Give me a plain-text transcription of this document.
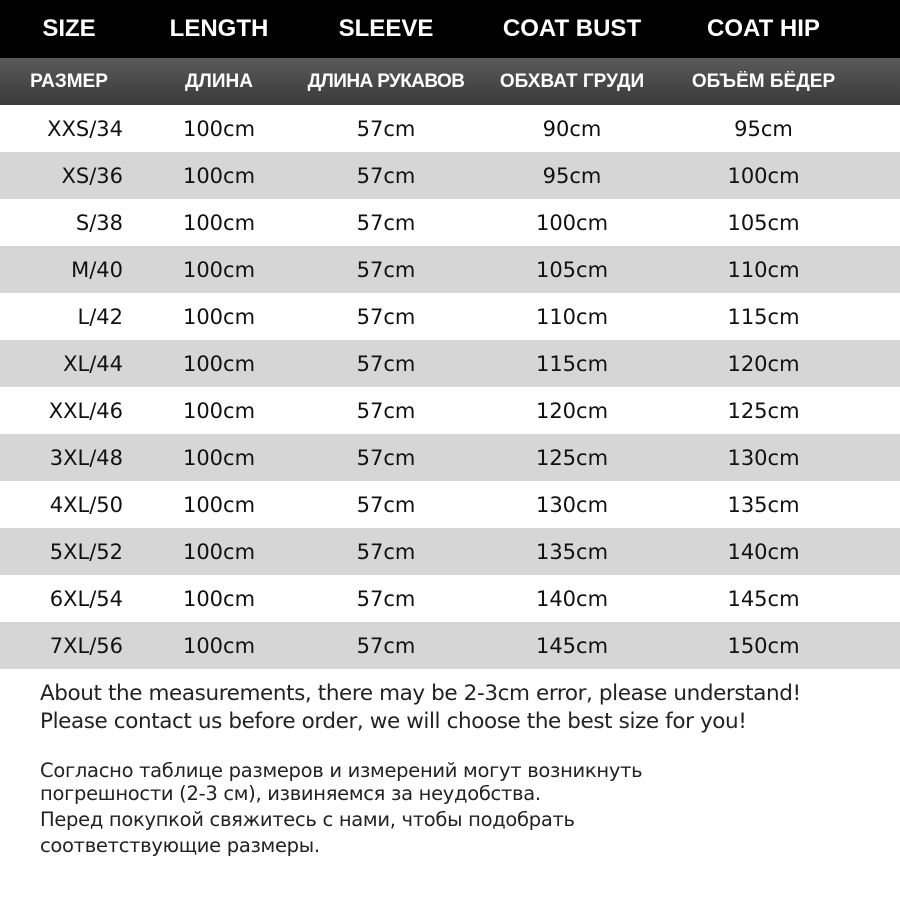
SIZE	LENGTH	SLEEVE	COAT BUST	COAT HIP
РАЗМЕР	ДЛИНА	ДЛИНА РУКАВОВ	ОБХВАТ ГРУДИ	ОБЪЁМ БЁДЕР
XXS/34	100cm	57cm	90cm	95cm
XS/36	100cm	57cm	95cm	100cm
S/38	100cm	57cm	100cm	105cm
M/40	100cm	57cm	105cm	110cm
L/42	100cm	57cm	110cm	115cm
XL/44	100cm	57cm	115cm	120cm
XXL/46	100cm	57cm	120cm	125cm
3XL/48	100cm	57cm	125cm	130cm
4XL/50	100cm	57cm	130cm	135cm
5XL/52	100cm	57cm	135cm	140cm
6XL/54	100cm	57cm	140cm	145cm
7XL/56	100cm	57cm	145cm	150cm
About the measurements, there may be 2-3cm error, please understand!
Please contact us before order, we will choose the best size for you!
Согласно таблице размеров и измерений могут возникнуть
погрешности (2-3 см), извиняемся за неудобства.
Перед покупкой свяжитесь с нами, чтобы подобрать
соответствующие размеры.
